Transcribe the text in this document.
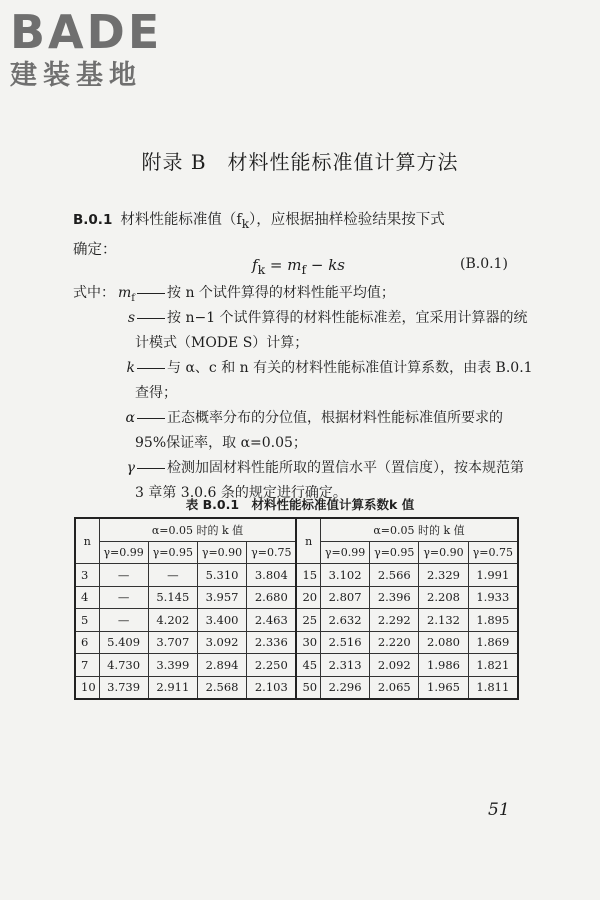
BADE
建装基地
附录 B　材料性能标准值计算方法
B.0.1 材料性能标准值$(f_k)$，应根据抽样检验结果按下式
确定：
$f_k = m_f$ − ks	(B.0.1)
式中： $m_f$ 按 n 个试件算得的材料性能平均值；
s 按 n−1 个试件算得的材料性能标准差，宜采用计算器的统计模式（MODE S）计算；
k 与 α、c 和 n 有关的材料性能标准值计算系数，由表 B.0.1 查得；
α 正态概率分布的分位值，根据材料性能标准值所要求的 95%保证率，取 α=0.05；
γ 检测加固材料性能所取的置信水平（置信度），按本规范第 3 章第 3.0.6 条的规定进行确定。
表 B.0.1　材料性能标准值计算系数k 值
n	α=0.05 时的 k 值				n	α=0.05 时的 k 值			
	γ=0.99	γ=0.95	γ=0.90	γ=0.75		γ=0.99	γ=0.95	γ=0.90	γ=0.75
3	—	—	5.310	3.804	15	3.102	2.566	2.329	1.991
4	—	5.145	3.957	2.680	20	2.807	2.396	2.208	1.933
5	—	4.202	3.400	2.463	25	2.632	2.292	2.132	1.895
6	5.409	3.707	3.092	2.336	30	2.516	2.220	2.080	1.869
7	4.730	3.399	2.894	2.250	45	2.313	2.092	1.986	1.821
10	3.739	2.911	2.568	2.103	50	2.296	2.065	1.965	1.811
51
